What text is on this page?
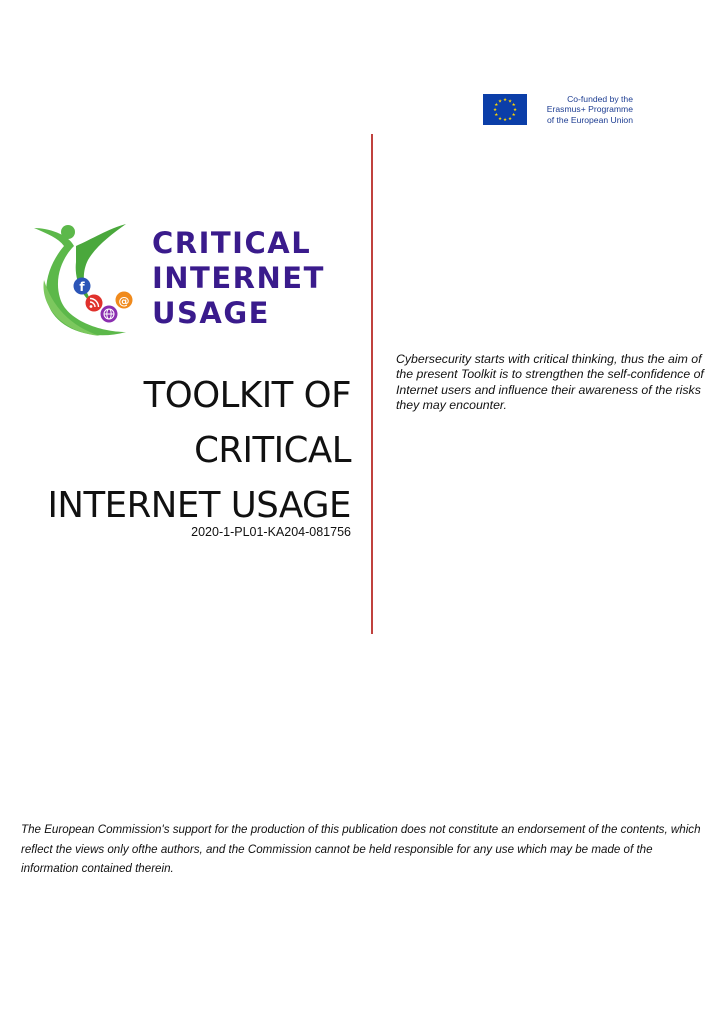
★ ★
★
★
★
★
★
★
★
★
★
★	Co-funded by the
Erasmus+ Programme
of the European Union
f
@
CRITICAL
INTERNET
USAGE
TOOLKIT OF
CRITICAL
INTERNET USAGE
2020-1-PL01-KA204-081756
Cybersecurity starts with critical thinking, thus the aim of the present Toolkit is to strengthen the self-confidence of Internet users and influence their awareness of the risks they may encounter.
The European Commission's support for the production of this publication does not constitute an endorsement of the contents, which reflect the views only ofthe authors, and the Commission cannot be held responsible for any use which may be made of the information contained therein.
